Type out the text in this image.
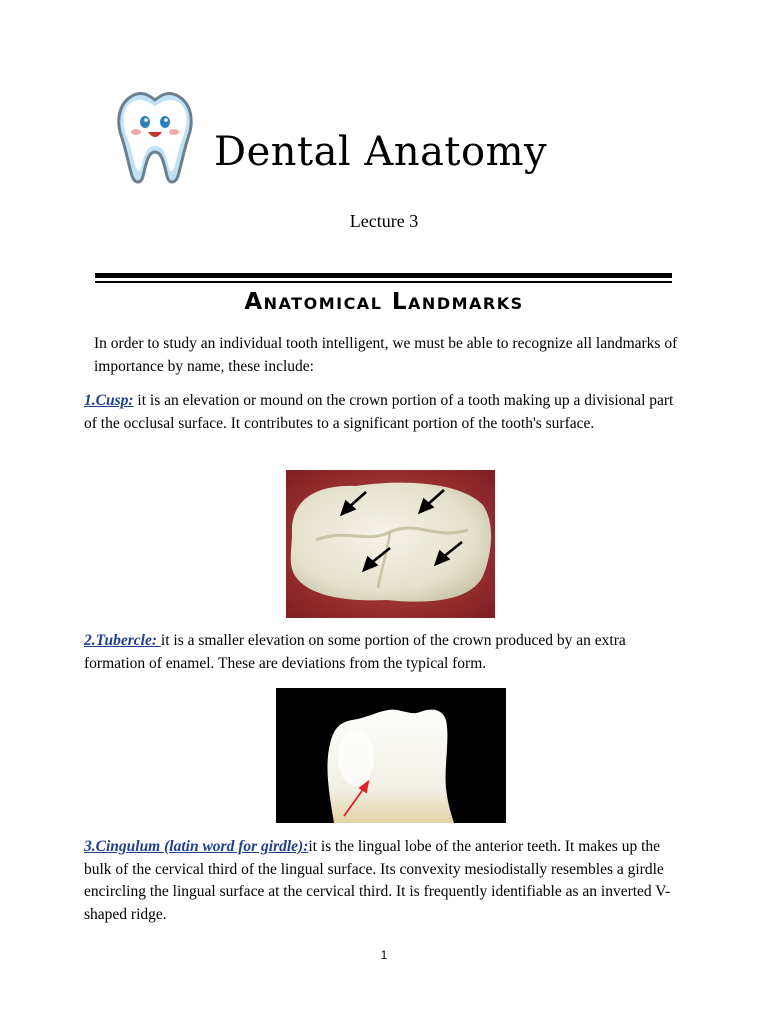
Dental Anatomy
Lecture 3
Anatomical Landmarks
In order to study an individual tooth intelligent, we must be able to recognize all landmarks of importance by name, these include:
1.Cusp: it is an elevation or mound on the crown portion of a tooth making up a divisional part of the occlusal surface. It contributes to a significant portion of the tooth's surface.
2.Tubercle: it is a smaller elevation on some portion of the crown produced by an extra formation of enamel. These are deviations from the typical form.
3.Cingulum (latin word for girdle):it is the lingual lobe of the anterior teeth. It makes up the bulk of the cervical third of the lingual surface. Its convexity mesiodistally resembles a girdle encircling the lingual surface at the cervical third. It is frequently identifiable as an inverted V-shaped ridge.
1
